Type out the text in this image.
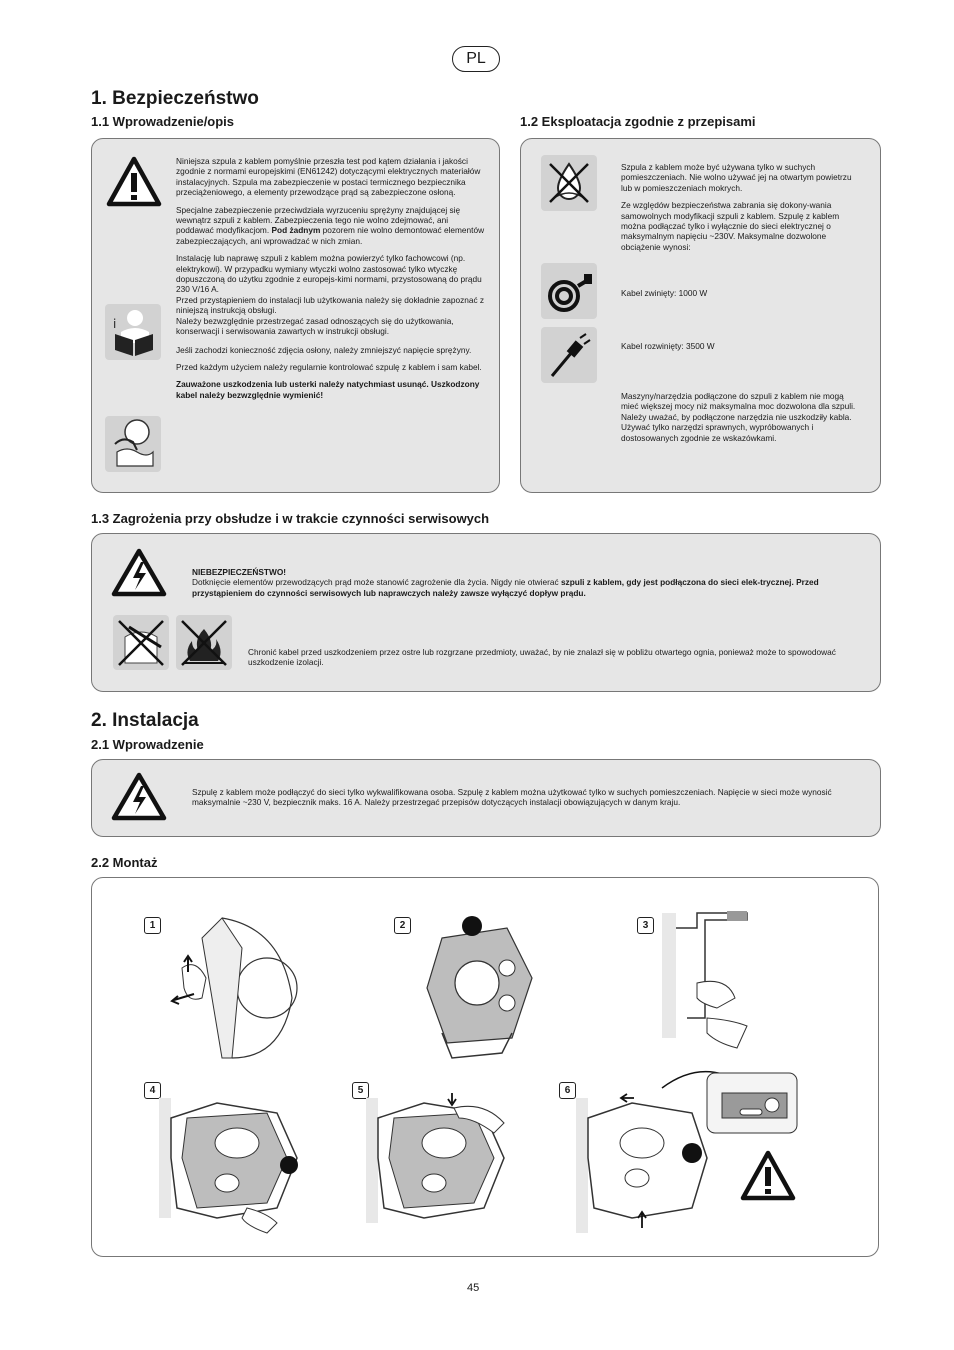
PL
1. Bezpieczeństwo
1.1 Wprowadzenie/opis	1.2 Eksploatacja zgodnie z przepisami
i

Niniejsza szpula z kablem pomyślnie przeszła test pod kątem działania i jakości zgodnie z normami europejskimi (EN61242) dotyczącymi elektrycznych materiałów instalacyjnych. Szpula ma zabezpieczenie w postaci termicznego bezpiecznika przeciążeniowego, a elementy przewodzące prąd są zabezpieczone osłoną.

Specjalne zabezpieczenie przeciwdziała wyrzuceniu sprężyny znajdującej się wewnątrz szpuli z kablem. Zabezpieczenia tego nie wolno zdejmować, ani poddawać modyfikacjom. Pod żadnym pozorem nie wolno demontować elementów zabezpieczających, ani wprowadzać w nich zmian.

Instalację lub naprawę szpuli z kablem można powierzyć tylko fachowcowi (np. elektrykowi). W przypadku wymiany wtyczki wolno zastosować tylko wtyczkę dopuszczoną do użytku zgodnie z europejs-kimi normami, przystosowaną do prądu 230 V/16 A.
Przed przystąpieniem do instalacji lub użytkowania należy się dokładnie zapoznać z niniejszą instrukcją obsługi.
Należy bezwzględnie przestrzegać zasad odnoszących się do użytkowania, konserwacji i serwisowania zawartych w instrukcji obsługi.

Jeśli zachodzi konieczność zdjęcia osłony, należy zmniejszyć napięcie sprężyny.

Przed każdym użyciem należy regularnie kontrolować szpulę z kablem i sam kabel.

Zauważone uszkodzenia lub usterki należy natychmiast usunąć. Uszkodzony kabel należy bezwzględnie wymienić!

Szpula z kablem może być używana tylko w suchych pomieszczeniach. Nie wolno używać jej na otwartym powietrzu lub w pomieszczeniach mokrych.

Ze względów bezpieczeństwa zabrania się dokony-wania samowolnych modyfikacji szpuli z kablem. Szpulę z kablem można podłączać tylko i wyłącznie do sieci elektrycznej o maksymalnym napięciu ~230V. Maksymalne dozwolone obciążenie wynosi:

Kabel zwinięty: 1000 W
Kabel rozwinięty: 3500 W

Maszyny/narzędzia podłączone do szpuli z kablem nie mogą mieć większej mocy niż maksymalna moc dozwolona dla szpuli. Należy uważać, by podłączone narzędzia nie uszkodziły kabla. Używać tylko narzędzi sprawnych, wypróbowanych i dostosowanych zgodnie ze wskazówkami.

1.3 Zagrożenia przy obsłudze i w trakcie czynności serwisowych
NIEBEZPIECZEŃSTWO!
Dotknięcie elementów przewodzących prąd może stanowić zagrożenie dla życia. Nigdy nie otwierać szpuli z kablem, gdy jest podłączona do sieci elek-trycznej. Przed przystąpieniem do czynności serwisowych lub naprawczych należy zawsze wyłączyć dopływ prądu.
Chronić kabel przed uszkodzeniem przez ostre lub rozgrzane przedmioty, uważać, by nie znalazł się w pobliżu otwartego ognia, ponieważ może to spowodować uszkodzenie izolacji.
2. Instalacja
2.1 Wprowadzenie
Szpulę z kablem może podłączyć do sieci tylko wykwalifikowana osoba. Szpulę z kablem można użytkować tylko w suchych pomieszczeniach. Napięcie w sieci może wynosić maksymalnie ~230 V, bezpiecznik maks. 16 A. Należy przestrzegać przepisów dotyczących instalacji obowiązujących w danym kraju.
2.2 Montaż
1	2	3
4	5	6
45
